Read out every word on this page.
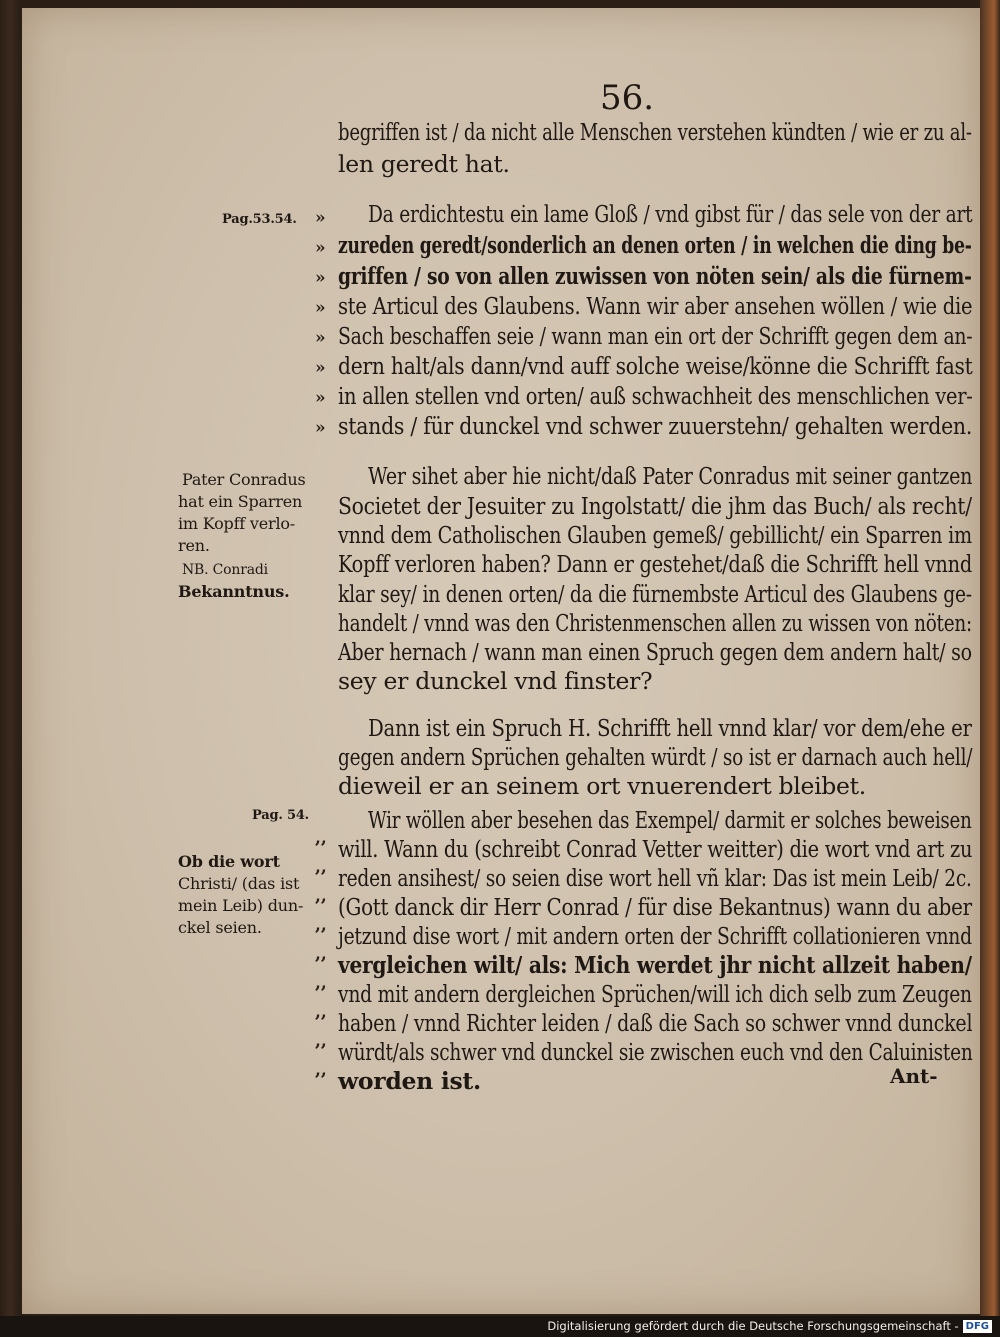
56.
begriffen ist / da nicht alle Menschen verstehen kündten / wie er zu al-
len geredt hat.
Da erdichtestu ein lame Gloß / vnd gibst für / das sele von der art
zureden geredt/sonderlich an denen orten / in welchen die ding be-
griffen / so von allen zuwissen von nöten sein/ als die fürnem-
ste Articul des Glaubens. Wann wir aber ansehen wöllen / wie die
Sach beschaffen seie / wann man ein ort der Schrifft gegen dem an-
dern halt/als dann/vnd auff solche weise/könne die Schrifft fast
in allen stellen vnd orten/ auß schwachheit des menschlichen ver-
stands / für dunckel vnd schwer zuuerstehn/ gehalten werden.
Wer sihet aber hie nicht/daß Pater Conradus mit seiner gantzen
Societet der Jesuiter zu Ingolstatt/ die jhm das Buch/ als recht/
vnnd dem Catholischen Glauben gemeß/ gebillicht/ ein Sparren im
Kopff verloren haben? Dann er gestehet/daß die Schrifft hell vnnd
klar sey/ in denen orten/ da die fürnembste Articul des Glaubens ge-
handelt / vnnd was den Christenmenschen allen zu wissen von nöten:
Aber hernach / wann man einen Spruch gegen dem andern halt/ so
sey er dunckel vnd finster?
Dann ist ein Spruch H. Schrifft hell vnnd klar/ vor dem/ehe er
gegen andern Sprüchen gehalten würdt / so ist er darnach auch hell/
dieweil er an seinem ort vnuerendert bleibet.
Wir wöllen aber besehen das Exempel/ darmit er solches beweisen
will. Wann du (schreibt Conrad Vetter weitter) die wort vnd art zu
reden ansihest/ so seien dise wort hell vñ klar: Das ist mein Leib/ 2c.
(Gott danck dir Herr Conrad / für dise Bekantnus) wann du aber
jetzund dise wort / mit andern orten der Schrifft collationieren vnnd
vergleichen wilt/ als: Mich werdet jhr nicht allzeit haben/
vnd mit andern dergleichen Sprüchen/will ich dich selb zum Zeugen
haben / vnnd Richter leiden / daß die Sach so schwer vnnd dunckel
würdt/als schwer vnd dunckel sie zwischen euch vnd den Caluinisten
worden ist.
»
»
»
»
»
»
»
»
,,
,,
,,
,,
,,
,,
,,
,,
,,
Pag.53.54.
Pater Conradus
hat ein Sparren
im Kopff verlo-
ren.
NB. Conradi
Bekanntnus.
Pag. 54.
Ob die wort
Christi/ (das ist
mein Leib) dun-
ckel seien.
Ant-
Digitalisierung gefördert durch die Deutsche Forschungsgemeinschaft - DFG
